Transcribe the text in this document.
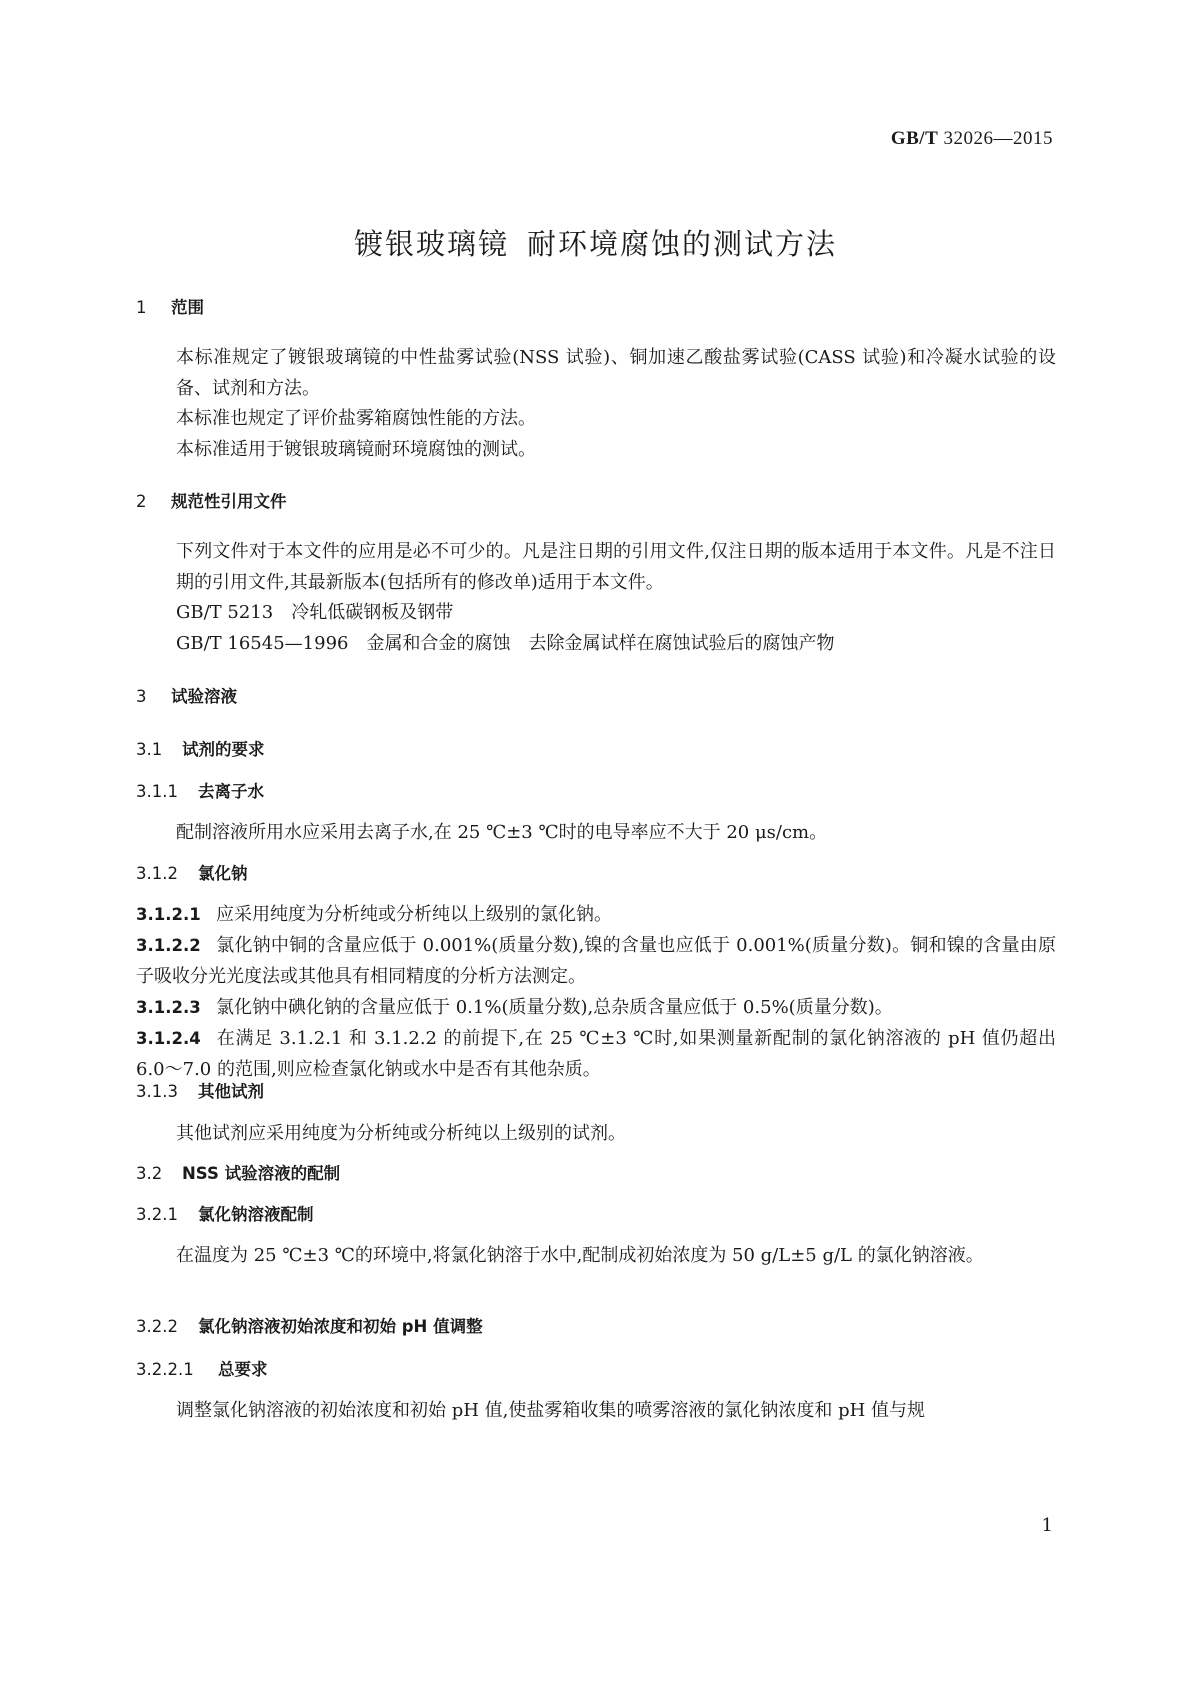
GB/T 32026—2015
镀银玻璃镜 耐环境腐蚀的测试方法
1 范围
本标准规定了镀银玻璃镜的中性盐雾试验(NSS 试验)、铜加速乙酸盐雾试验(CASS 试验)和冷凝水试验的设备、试剂和方法。
本标准也规定了评价盐雾箱腐蚀性能的方法。
本标准适用于镀银玻璃镜耐环境腐蚀的测试。
2 规范性引用文件
下列文件对于本文件的应用是必不可少的。凡是注日期的引用文件,仅注日期的版本适用于本文件。凡是不注日期的引用文件,其最新版本(包括所有的修改单)适用于本文件。
GB/T 5213 冷轧低碳钢板及钢带
GB/T 16545—1996 金属和合金的腐蚀　去除金属试样在腐蚀试验后的腐蚀产物
3 试验溶液
3.1 试剂的要求
3.1.1 去离子水
配制溶液所用水应采用去离子水,在 25 ℃±3 ℃时的电导率应不大于 20 μs/cm。
3.1.2 氯化钠
3.1.2.1 应采用纯度为分析纯或分析纯以上级别的氯化钠。
3.1.2.2 氯化钠中铜的含量应低于 0.001%(质量分数),镍的含量也应低于 0.001%(质量分数)。铜和镍的含量由原子吸收分光光度法或其他具有相同精度的分析方法测定。
3.1.2.3 氯化钠中碘化钠的含量应低于 0.1%(质量分数),总杂质含量应低于 0.5%(质量分数)。
3.1.2.4 在满足 3.1.2.1 和 3.1.2.2 的前提下,在 25 ℃±3 ℃时,如果测量新配制的氯化钠溶液的 pH 值仍超出 6.0～7.0 的范围,则应检查氯化钠或水中是否有其他杂质。
3.1.3 其他试剂
其他试剂应采用纯度为分析纯或分析纯以上级别的试剂。
3.2 NSS 试验溶液的配制
3.2.1 氯化钠溶液配制
在温度为 25 ℃±3 ℃的环境中,将氯化钠溶于水中,配制成初始浓度为 50 g/L±5 g/L 的氯化钠溶液。
3.2.2 氯化钠溶液初始浓度和初始 pH 值调整
3.2.2.1 总要求
调整氯化钠溶液的初始浓度和初始 pH 值,使盐雾箱收集的喷雾溶液的氯化钠浓度和 pH 值与规
1
